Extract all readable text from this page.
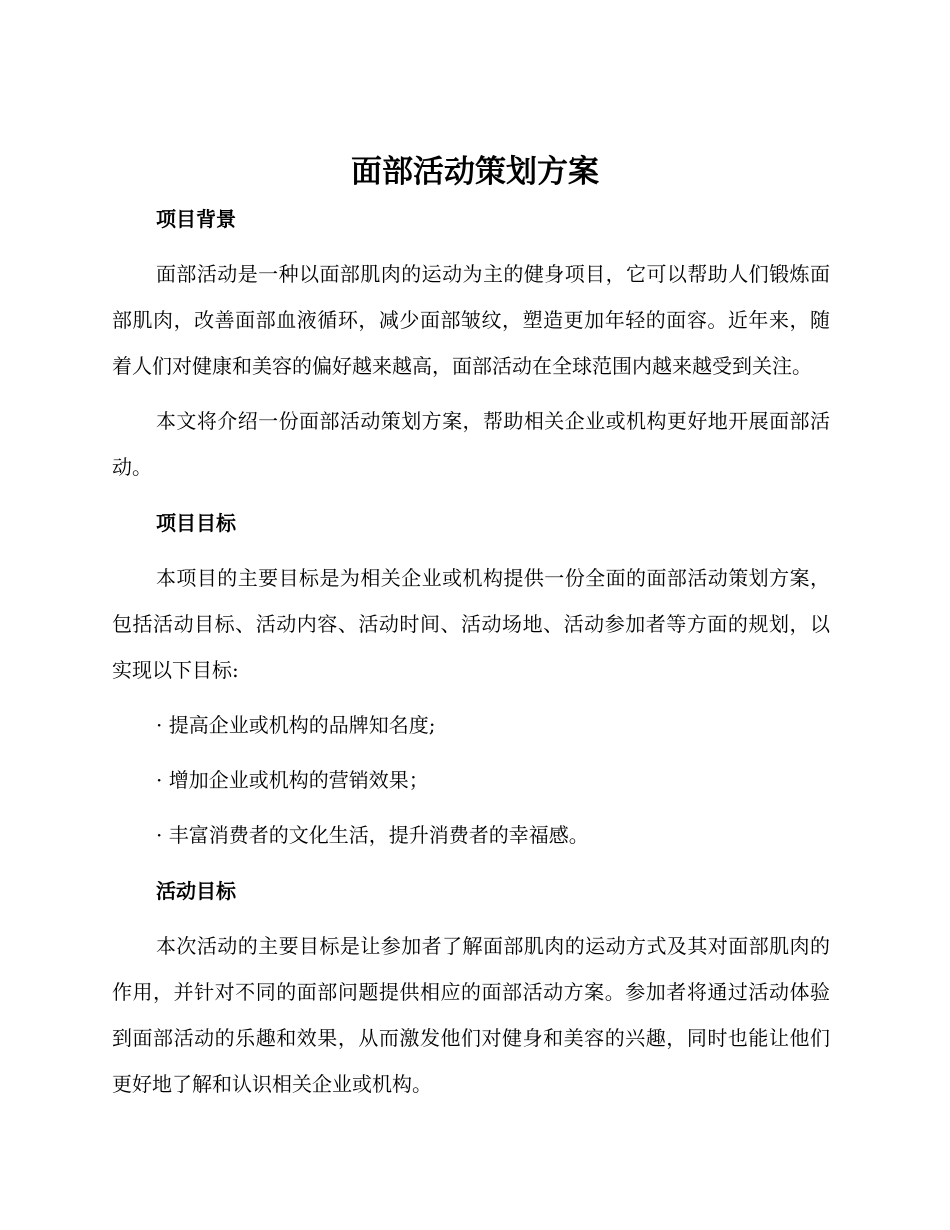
面部活动策划方案
项目背景

面部活动是一种以面部肌肉的运动为主的健身项目，它可以帮助人们锻炼面部肌肉，改善面部血液循环，减少面部皱纹，塑造更加年轻的面容。近年来，随着人们对健康和美容的偏好越来越高，面部活动在全球范围内越来越受到关注。

本文将介绍一份面部活动策划方案，帮助相关企业或机构更好地开展面部活动。

项目目标

本项目的主要目标是为相关企业或机构提供一份全面的面部活动策划方案，包括活动目标、活动内容、活动时间、活动场地、活动参加者等方面的规划，以实现以下目标:

· 提高企业或机构的品牌知名度;

· 增加企业或机构的营销效果；

· 丰富消费者的文化生活，提升消费者的幸福感。

活动目标

本次活动的主要目标是让参加者了解面部肌肉的运动方式及其对面部肌肉的作用，并针对不同的面部问题提供相应的面部活动方案。参加者将通过活动体验到面部活动的乐趣和效果，从而激发他们对健身和美容的兴趣，同时也能让他们更好地了解和认识相关企业或机构。
